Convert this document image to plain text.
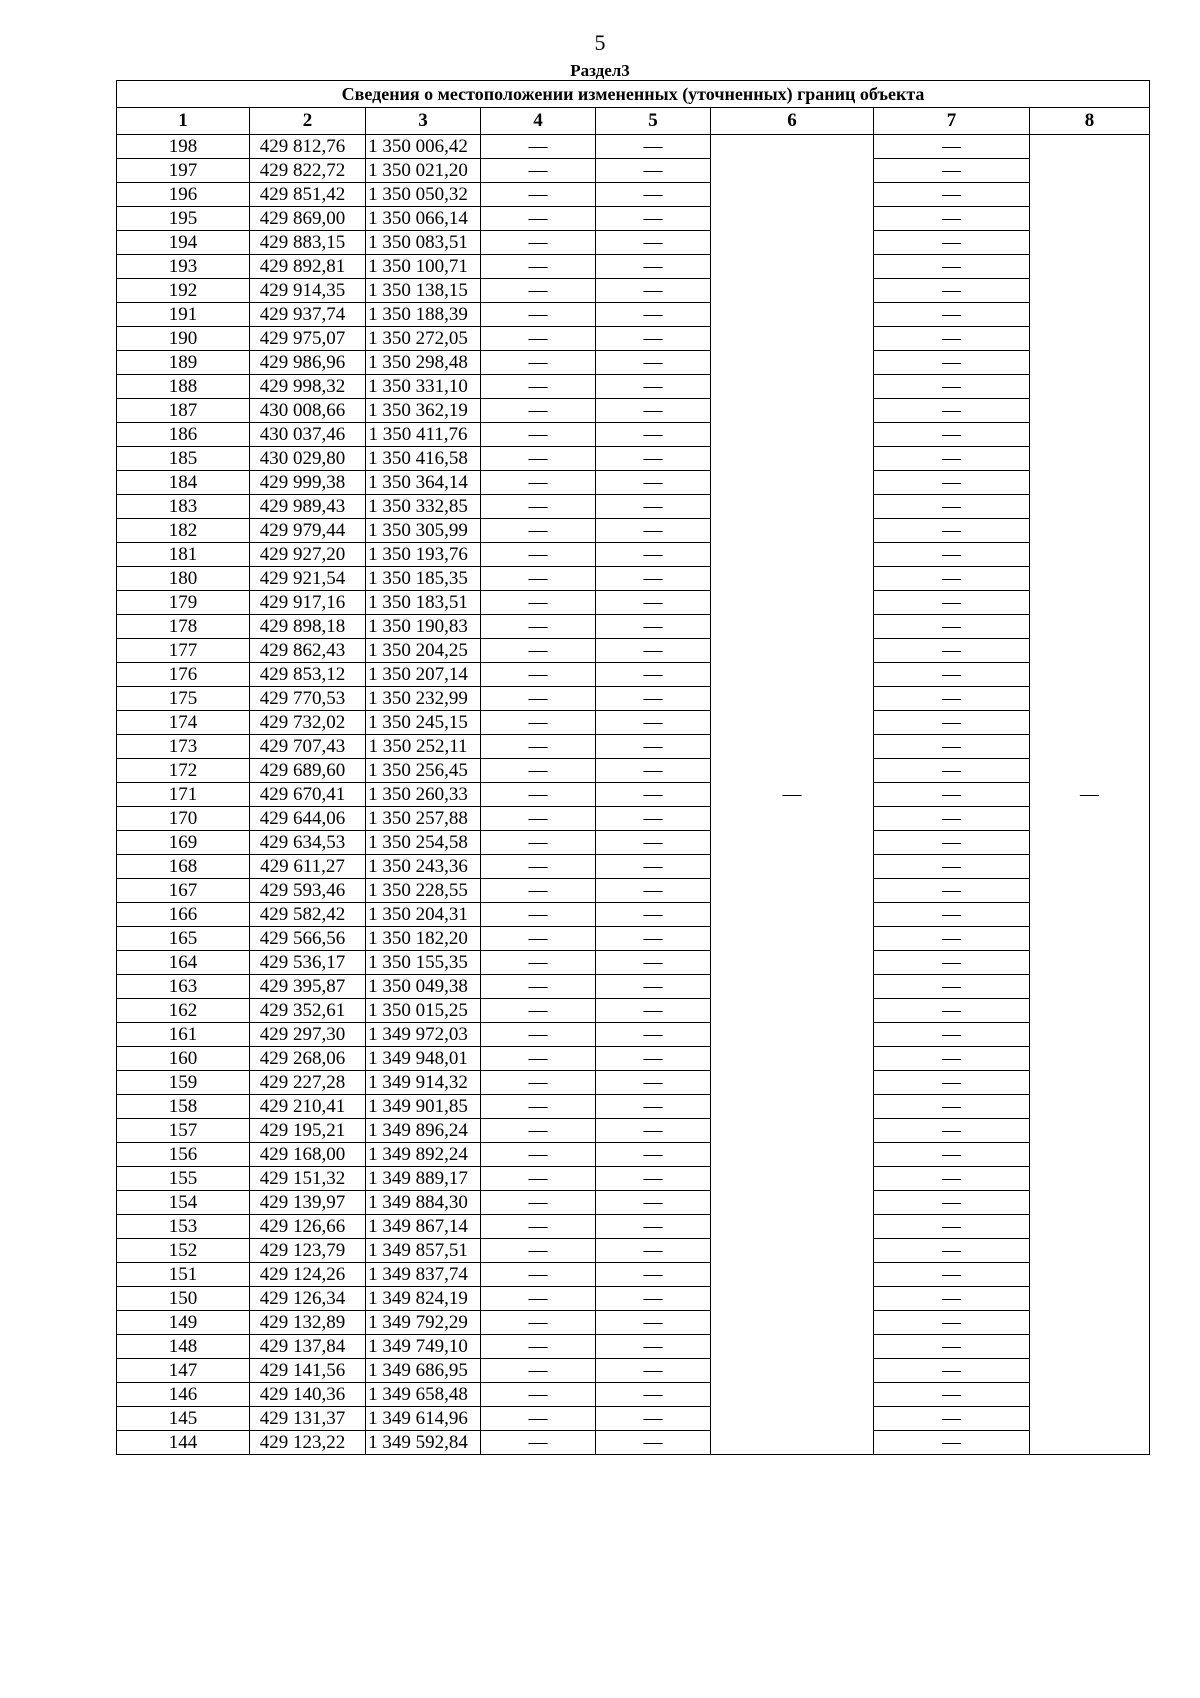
5
Раздел3
Сведения о местоположении измененных (уточненных) границ объекта							
1	2	3	4	5	6	7	8
198	429 812,76	1 350 006,42	—	—	—	—	—
197	429 822,72	1 350 021,20	—	—		—	
196	429 851,42	1 350 050,32	—	—		—	
195	429 869,00	1 350 066,14	—	—		—	
194	429 883,15	1 350 083,51	—	—		—	
193	429 892,81	1 350 100,71	—	—		—	
192	429 914,35	1 350 138,15	—	—		—	
191	429 937,74	1 350 188,39	—	—		—	
190	429 975,07	1 350 272,05	—	—		—	
189	429 986,96	1 350 298,48	—	—		—	
188	429 998,32	1 350 331,10	—	—		—	
187	430 008,66	1 350 362,19	—	—		—	
186	430 037,46	1 350 411,76	—	—		—	
185	430 029,80	1 350 416,58	—	—		—	
184	429 999,38	1 350 364,14	—	—		—	
183	429 989,43	1 350 332,85	—	—		—	
182	429 979,44	1 350 305,99	—	—		—	
181	429 927,20	1 350 193,76	—	—		—	
180	429 921,54	1 350 185,35	—	—		—	
179	429 917,16	1 350 183,51	—	—		—	
178	429 898,18	1 350 190,83	—	—		—	
177	429 862,43	1 350 204,25	—	—		—	
176	429 853,12	1 350 207,14	—	—		—	
175	429 770,53	1 350 232,99	—	—		—	
174	429 732,02	1 350 245,15	—	—		—	
173	429 707,43	1 350 252,11	—	—		—	
172	429 689,60	1 350 256,45	—	—		—	
171	429 670,41	1 350 260,33	—	—		—	
170	429 644,06	1 350 257,88	—	—		—	
169	429 634,53	1 350 254,58	—	—		—	
168	429 611,27	1 350 243,36	—	—		—	
167	429 593,46	1 350 228,55	—	—		—	
166	429 582,42	1 350 204,31	—	—		—	
165	429 566,56	1 350 182,20	—	—		—	
164	429 536,17	1 350 155,35	—	—		—	
163	429 395,87	1 350 049,38	—	—		—	
162	429 352,61	1 350 015,25	—	—		—	
161	429 297,30	1 349 972,03	—	—		—	
160	429 268,06	1 349 948,01	—	—		—	
159	429 227,28	1 349 914,32	—	—		—	
158	429 210,41	1 349 901,85	—	—		—	
157	429 195,21	1 349 896,24	—	—		—	
156	429 168,00	1 349 892,24	—	—		—	
155	429 151,32	1 349 889,17	—	—		—	
154	429 139,97	1 349 884,30	—	—		—	
153	429 126,66	1 349 867,14	—	—		—	
152	429 123,79	1 349 857,51	—	—		—	
151	429 124,26	1 349 837,74	—	—		—	
150	429 126,34	1 349 824,19	—	—		—	
149	429 132,89	1 349 792,29	—	—		—	
148	429 137,84	1 349 749,10	—	—		—	
147	429 141,56	1 349 686,95	—	—		—	
146	429 140,36	1 349 658,48	—	—		—	
145	429 131,37	1 349 614,96	—	—		—	
144	429 123,22	1 349 592,84	—	—		—	
